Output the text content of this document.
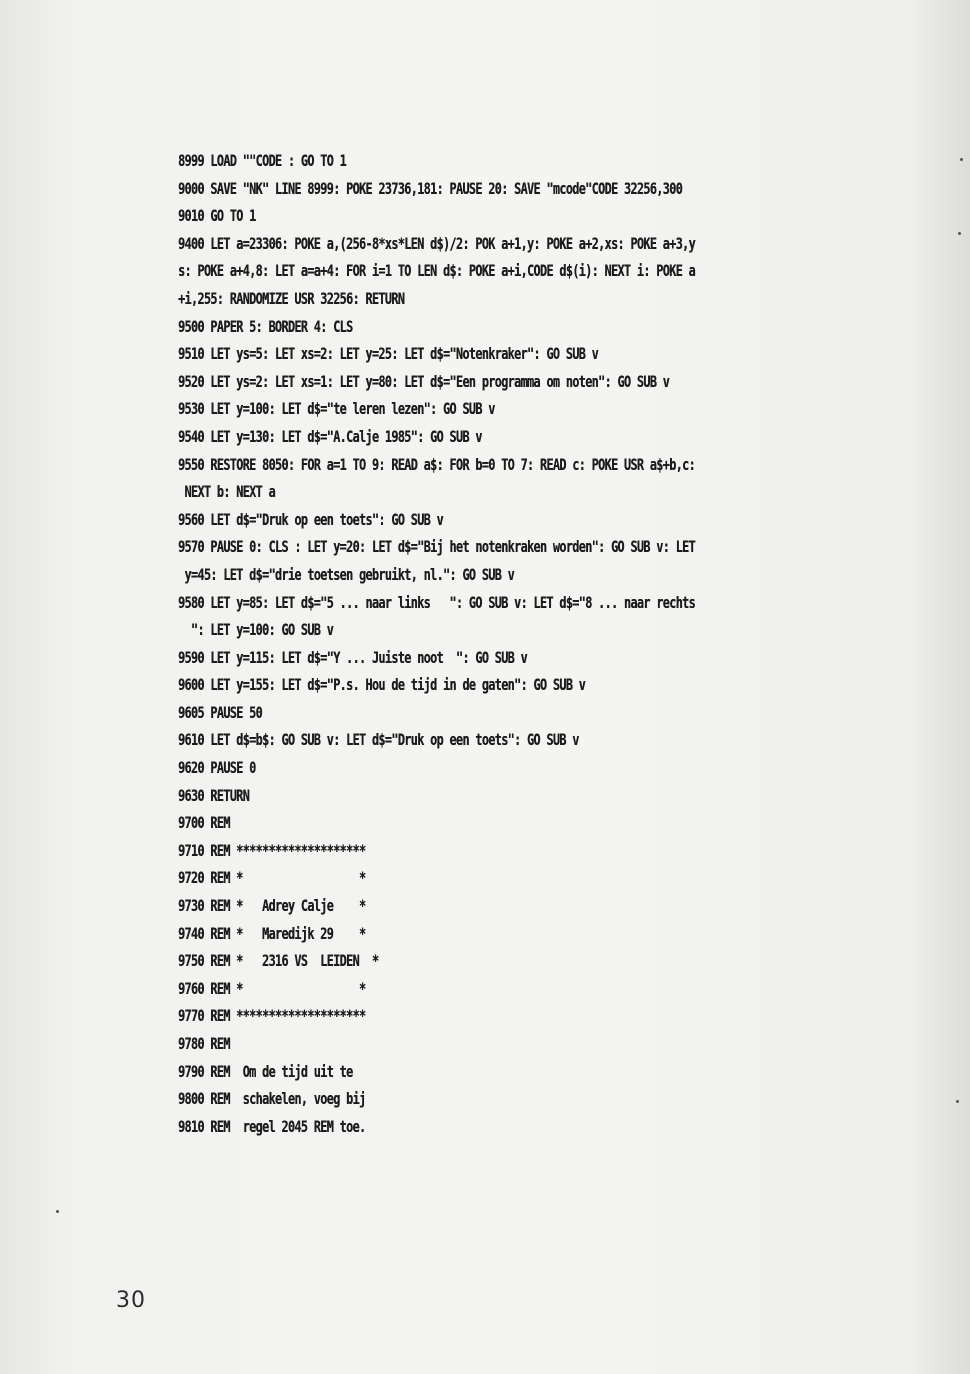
8999 LOAD ""CODE : GO TO 1
9000 SAVE "NK" LINE 8999: POKE 23736,181: PAUSE 20: SAVE "mcode"CODE 32256,300
9010 GO TO 1
9400 LET a=23306: POKE a,(256-8*xs*LEN d$)/2: POK a+1,y: POKE a+2,xs: POKE a+3,y
s: POKE a+4,8: LET a=a+4: FOR i=1 TO LEN d$: POKE a+i,CODE d$(i): NEXT i: POKE a
+i,255: RANDOMIZE USR 32256: RETURN
9500 PAPER 5: BORDER 4: CLS
9510 LET ys=5: LET xs=2: LET y=25: LET d$="Notenkraker": GO SUB v
9520 LET ys=2: LET xs=1: LET y=80: LET d$="Een programma om noten": GO SUB v
9530 LET y=100: LET d$="te leren lezen": GO SUB v
9540 LET y=130: LET d$="A.Calje 1985": GO SUB v
9550 RESTORE 8050: FOR a=1 TO 9: READ a$: FOR b=0 TO 7: READ c: POKE USR a$+b,c:
NEXT b: NEXT a
9560 LET d$="Druk op een toets": GO SUB v
9570 PAUSE 0: CLS : LET y=20: LET d$="Bij het notenkraken worden": GO SUB v: LET
y=45: LET d$="drie toetsen gebruikt, nl.": GO SUB v
9580 LET y=85: LET d$="5 ... naar links   ": GO SUB v: LET d$="8 ... naar rechts
": LET y=100: GO SUB v
9590 LET y=115: LET d$="Y ... Juiste noot  ": GO SUB v
9600 LET y=155: LET d$="P.s. Hou de tijd in de gaten": GO SUB v
9605 PAUSE 50
9610 LET d$=b$: GO SUB v: LET d$="Druk op een toets": GO SUB v
9620 PAUSE 0
9630 RETURN
9700 REM
9710 REM ********************
9720 REM *                  *
9730 REM *   Adrey Calje    *
9740 REM *   Maredijk 29    *
9750 REM *   2316 VS  LEIDEN  *
9760 REM *                  *
9770 REM ********************
9780 REM
9790 REM  Om de tijd uit te
9800 REM  schakelen, voeg bij
9810 REM  regel 2045 REM toe.
30
